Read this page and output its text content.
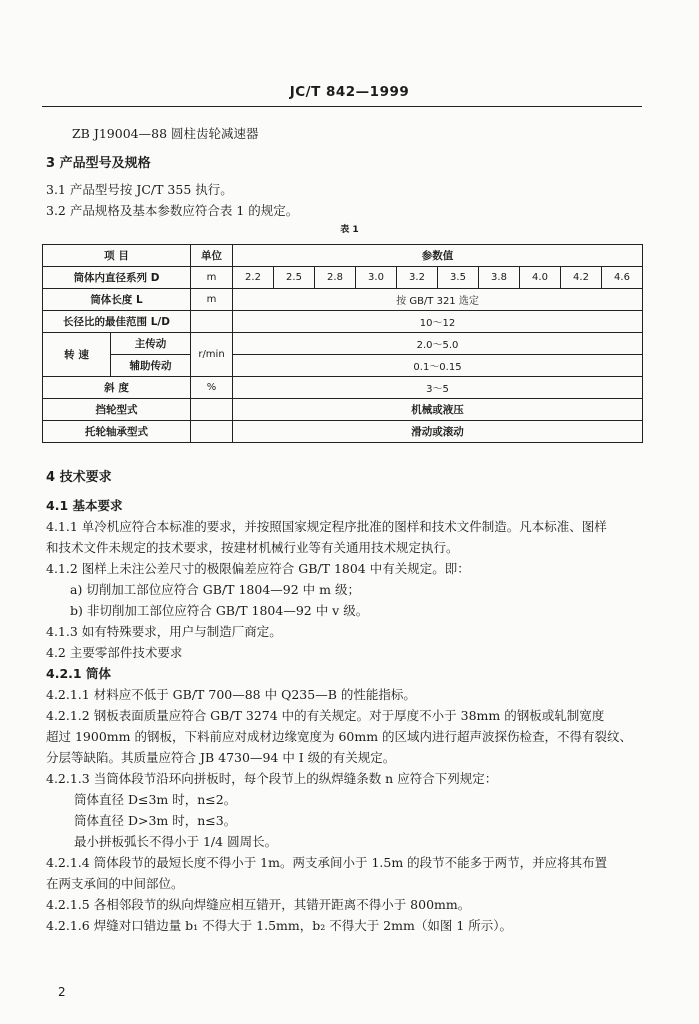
JC/T 842—1999
ZB J19004—88 圆柱齿轮减速器
3 产品型号及规格
3.1 产品型号按 JC/T 355 执行。
3.2 产品规格及基本参数应符合表 1 的规定。
表 1
项 目		单位	参数值									
筒体内直径系列 D		m	2.2	2.5	2.8	3.0	3.2	3.5	3.8	4.0	4.2	4.6
筒体长度 L		m	按 GB/T 321 选定									
长径比的最佳范围 L/D			10～12									
转 速	主传动	r/min	2.0～5.0									
	辅助传动		0.1～0.15									
斜 度		%	3～5									
挡轮型式			机械或液压									
托轮轴承型式			滑动或滚动									
4 技术要求
4.1 基本要求
4.1.1 单冷机应符合本标准的要求，并按照国家规定程序批准的图样和技术文件制造。凡本标准、图样
和技术文件未规定的技术要求，按建材机械行业等有关通用技术规定执行。
4.1.2 图样上未注公差尺寸的极限偏差应符合 GB/T 1804 中有关规定。即：
a) 切削加工部位应符合 GB/T 1804—92 中 m 级；
b) 非切削加工部位应符合 GB/T 1804—92 中 v 级。
4.1.3 如有特殊要求，用户与制造厂商定。
4.2 主要零部件技术要求
4.2.1 筒体
4.2.1.1 材料应不低于 GB/T 700—88 中 Q235—B 的性能指标。
4.2.1.2 钢板表面质量应符合 GB/T 3274 中的有关规定。对于厚度不小于 38mm 的钢板或轧制宽度
超过 1900mm 的钢板，下料前应对成材边缘宽度为 60mm 的区域内进行超声波探伤检查，不得有裂纹、
分层等缺陷。其质量应符合 JB 4730—94 中 I 级的有关规定。
4.2.1.3 当筒体段节沿环向拼板时，每个段节上的纵焊缝条数 n 应符合下列规定：
筒体直径 D≤3m 时，n≤2。
筒体直径 D>3m 时，n≤3。
最小拼板弧长不得小于 1/4 圆周长。
4.2.1.4 筒体段节的最短长度不得小于 1m。两支承间小于 1.5m 的段节不能多于两节，并应将其布置
在两支承间的中间部位。
4.2.1.5 各相邻段节的纵向焊缝应相互错开，其错开距离不得小于 800mm。
4.2.1.6 焊缝对口错边量 b₁ 不得大于 1.5mm，b₂ 不得大于 2mm（如图 1 所示）。
2
